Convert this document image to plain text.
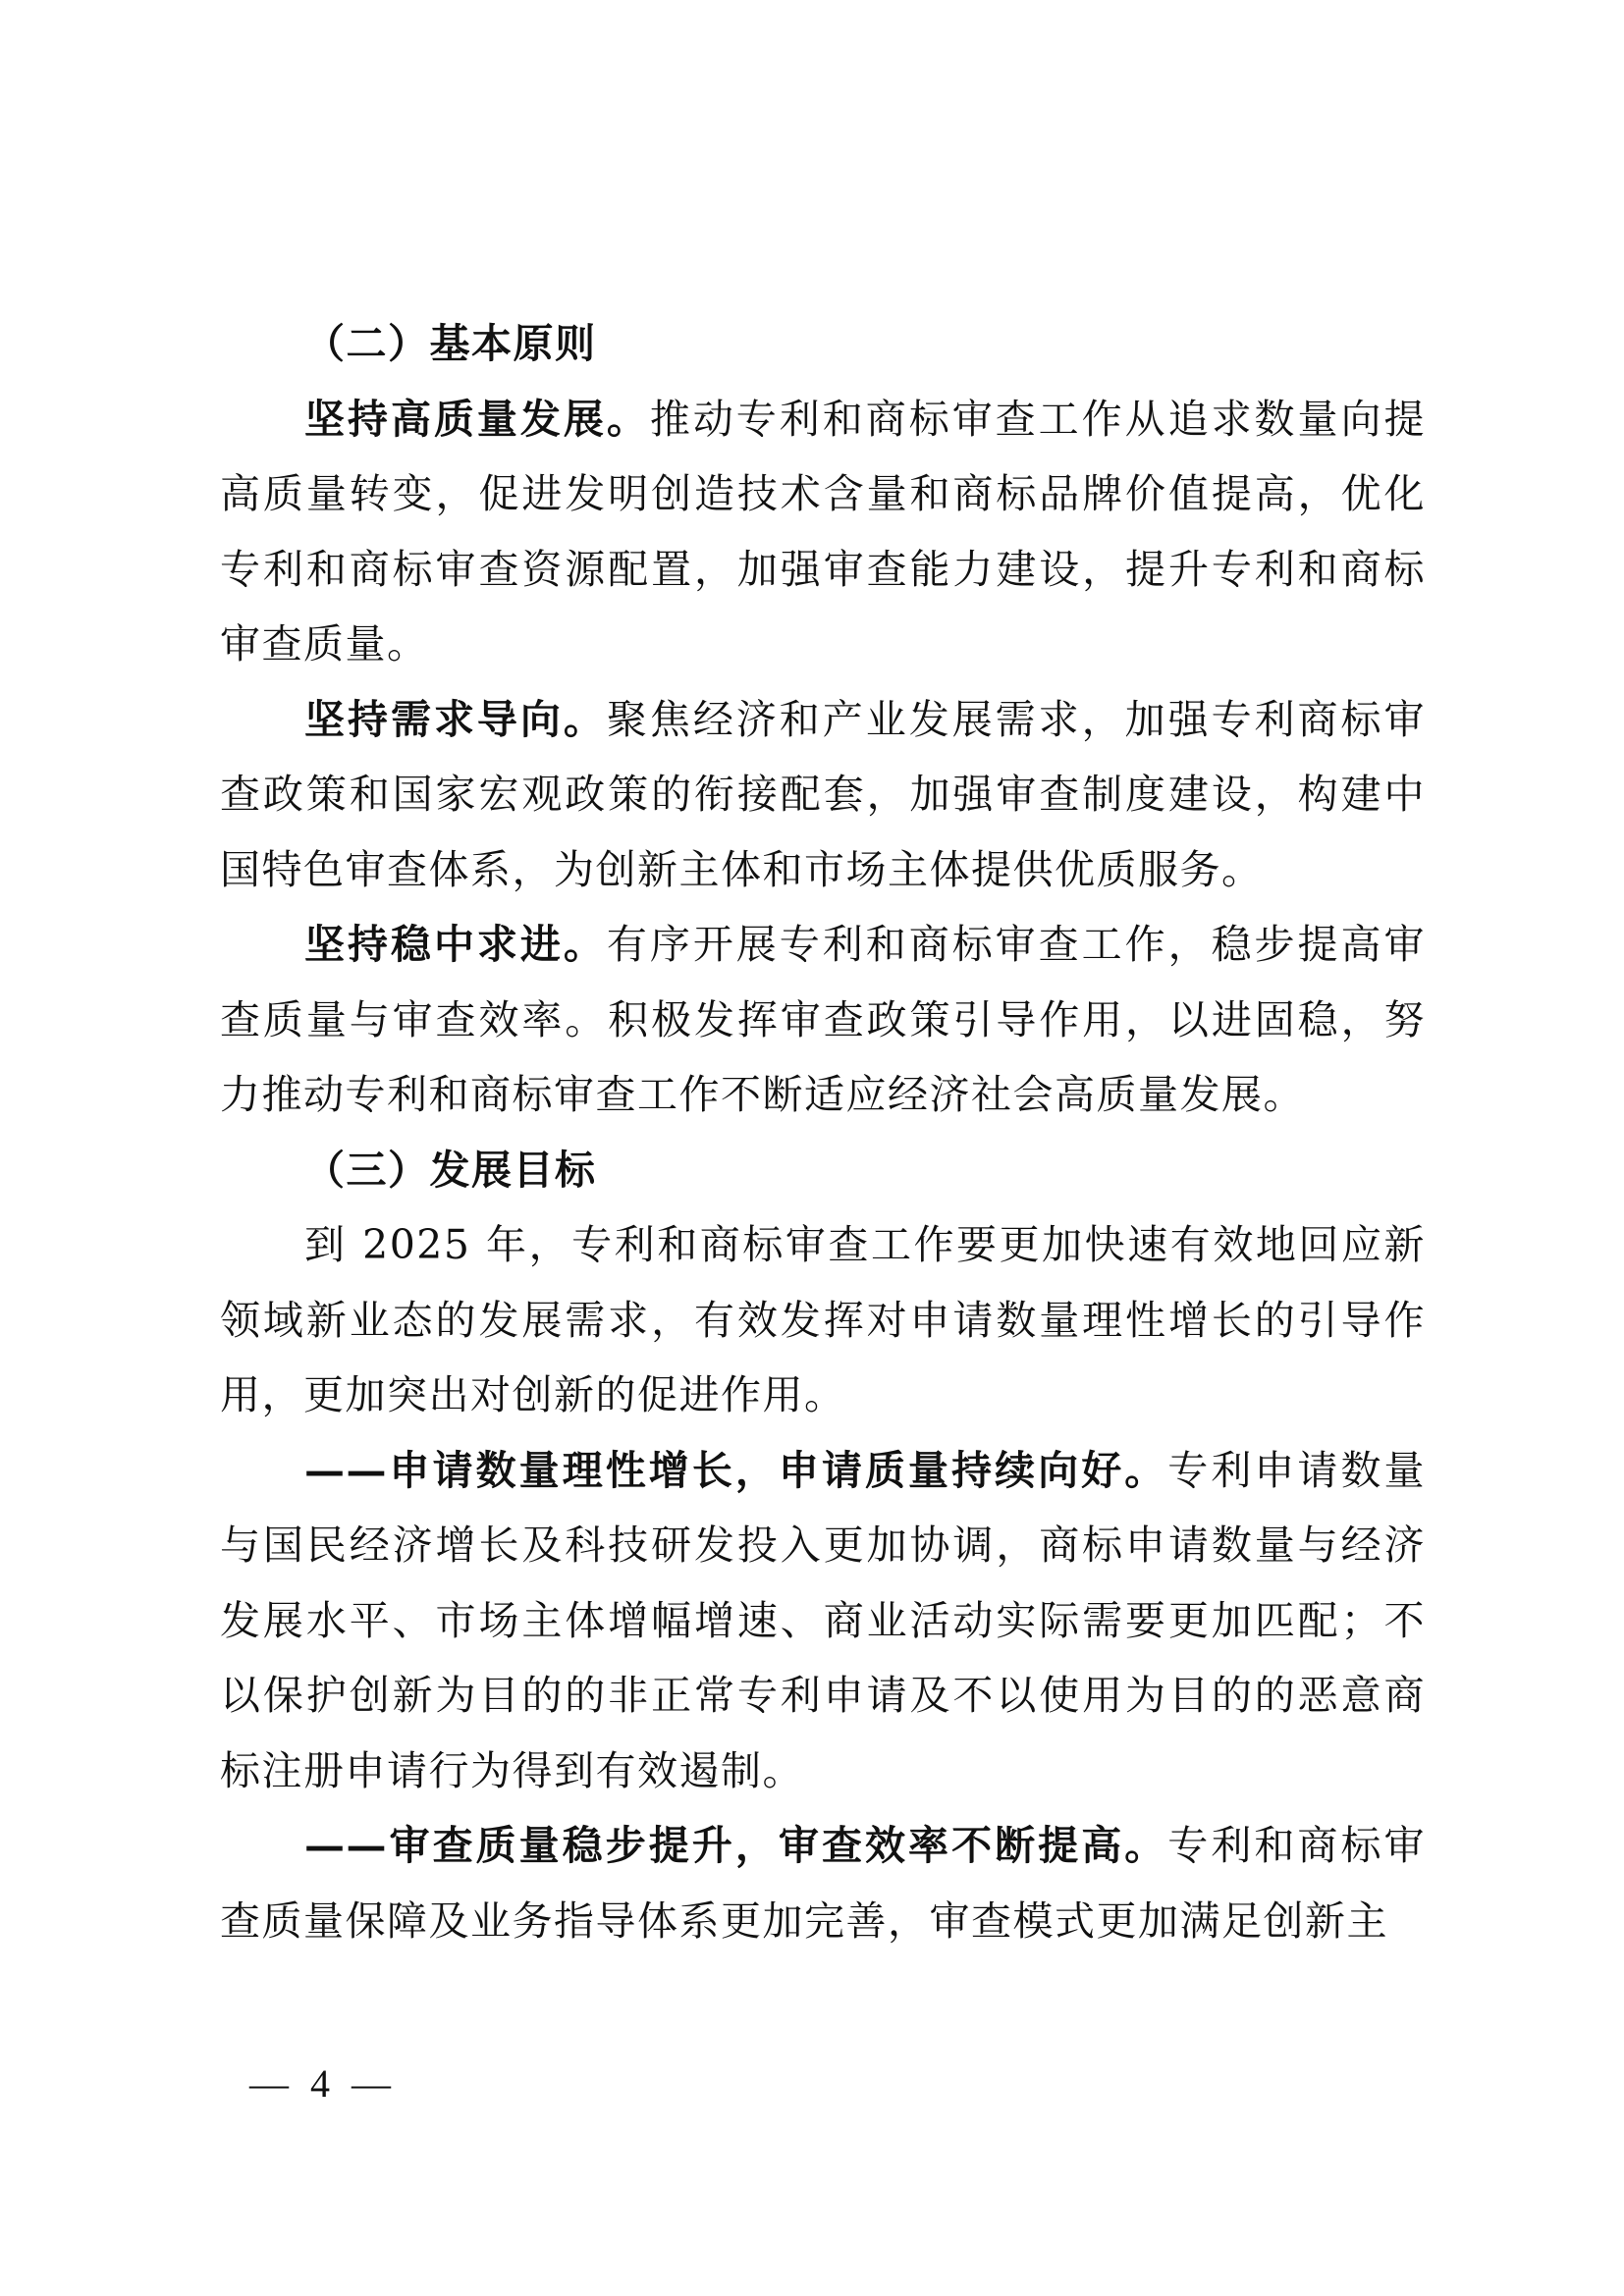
（二）基本原则

坚持高质量发展。推动专利和商标审查工作从追求数量向提高质量转变，促进发明创造技术含量和商标品牌价值提高，优化专利和商标审查资源配置，加强审查能力建设，提升专利和商标审查质量。

坚持需求导向。聚焦经济和产业发展需求，加强专利商标审查政策和国家宏观政策的衔接配套，加强审查制度建设，构建中国特色审查体系，为创新主体和市场主体提供优质服务。

坚持稳中求进。有序开展专利和商标审查工作，稳步提高审查质量与审查效率。积极发挥审查政策引导作用，以进固稳，努力推动专利和商标审查工作不断适应经济社会高质量发展。

（三）发展目标

到 2025 年，专利和商标审查工作要更加快速有效地回应新领域新业态的发展需求，有效发挥对申请数量理性增长的引导作用，更加突出对创新的促进作用。

——申请数量理性增长，申请质量持续向好。专利申请数量与国民经济增长及科技研发投入更加协调，商标申请数量与经济发展水平、市场主体增幅增速、商业活动实际需要更加匹配；不以保护创新为目的的非正常专利申请及不以使用为目的的恶意商标注册申请行为得到有效遏制。

——审查质量稳步提升，审查效率不断提高。专利和商标审查质量保障及业务指导体系更加完善，审查模式更加满足创新主

— 4 —
